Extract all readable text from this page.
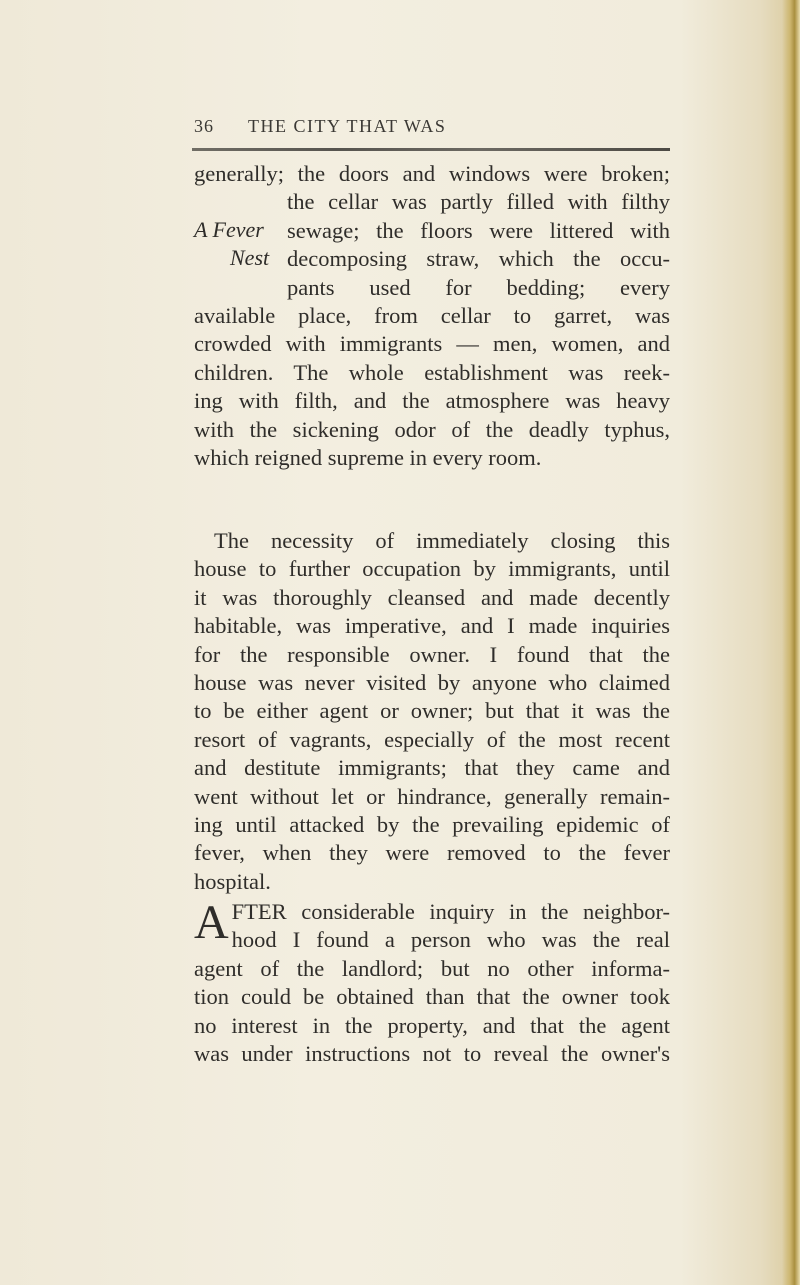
36 THE CITY THAT WAS
A Fever
Nest
generally; the doors and windows were broken;
the cellar was partly filled with filthy
sewage; the floors were littered with
decomposing straw, which the occu-
pants used for bedding; every
available place, from cellar to garret, was
crowded with immigrants — men, women, and
children. The whole establishment was reek-
ing with filth, and the atmosphere was heavy
with the sickening odor of the deadly typhus,
which reigned supreme in every room.
The necessity of immediately closing this
house to further occupation by immigrants, until
it was thoroughly cleansed and made decently
habitable, was imperative, and I made inquiries
for the responsible owner. I found that the
house was never visited by anyone who claimed
to be either agent or owner; but that it was the
resort of vagrants, especially of the most recent
and destitute immigrants; that they came and
went without let or hindrance, generally remain-
ing until attacked by the prevailing epidemic of
fever, when they were removed to the fever
hospital.
A FTER considerable inquiry in the neighbor-
hood I found a person who was the real
agent of the landlord; but no other informa-
tion could be obtained than that the owner took
no interest in the property, and that the agent
was under instructions not to reveal the owner's
